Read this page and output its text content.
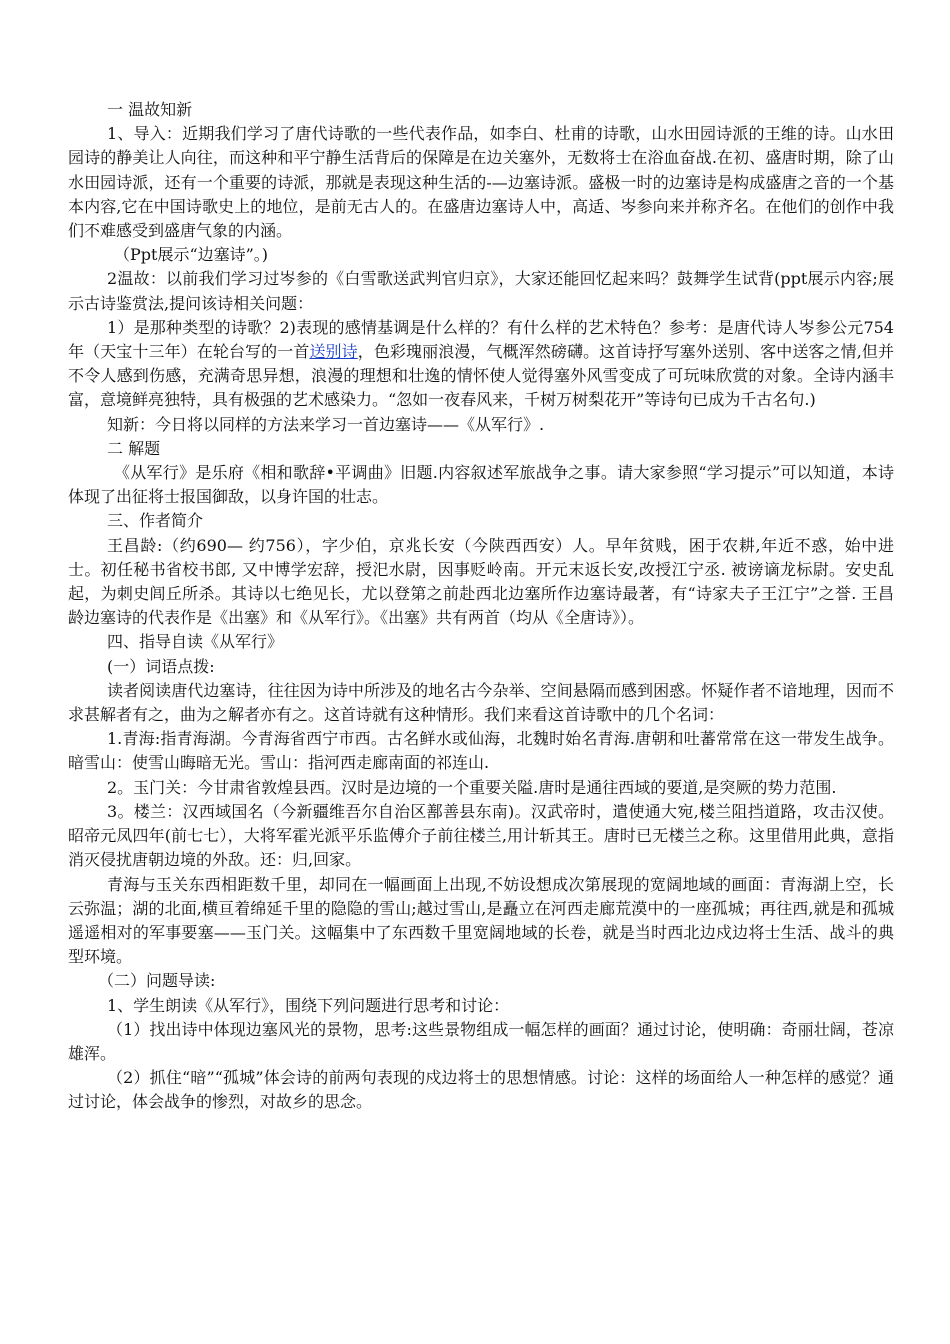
一 温故知新

1、导入：近期我们学习了唐代诗歌的一些代表作品，如李白、杜甫的诗歌，山水田园诗派的王维的诗。山水田园诗的静美让人向往，而这种和平宁静生活背后的保障是在边关塞外，无数将士在浴血奋战.在初、盛唐时期，除了山水田园诗派，还有一个重要的诗派，那就是表现这种生活的-—边塞诗派。盛极一时的边塞诗是构成盛唐之音的一个基本内容,它在中国诗歌史上的地位，是前无古人的。在盛唐边塞诗人中，高适、岑参向来并称齐名。在他们的创作中我们不难感受到盛唐气象的内涵。

（Ppt展示“边塞诗”。)

2温故：以前我们学习过岑参的《白雪歌送武判官归京》，大家还能回忆起来吗？鼓舞学生试背(ppt展示内容;展示古诗鉴赏法,提问该诗相关问题：

1）是那种类型的诗歌？2)表现的感情基调是什么样的？有什么样的艺术特色？参考：是唐代诗人岑参公元754年（天宝十三年）在轮台写的一首送别诗，色彩瑰丽浪漫，气概浑然磅礴。这首诗抒写塞外送别、客中送客之情,但并不令人感到伤感，充满奇思异想，浪漫的理想和壮逸的情怀使人觉得塞外风雪变成了可玩味欣赏的对象。全诗内涵丰富，意境鲜亮独特，具有极强的艺术感染力。“忽如一夜春风来，千树万树梨花开”等诗句已成为千古名句.)

知新：今日将以同样的方法来学习一首边塞诗——《从军行》.

二 解题

《从军行》是乐府《相和歌辞•平调曲》旧题.内容叙述军旅战争之事。请大家参照“学习提示”可以知道，本诗体现了出征将士报国御敌，以身许国的壮志。

三、作者简介

王昌龄:（约690— 约756），字少伯，京兆长安（今陕西西安）人。早年贫贱，困于农耕,年近不惑，始中进士。初任秘书省校书郎, 又中博学宏辞，授汜水尉，因事贬岭南。开元末返长安,改授江宁丞. 被谤谪龙标尉。安史乱起，为刺史闾丘所杀。其诗以七绝见长，尤以登第之前赴西北边塞所作边塞诗最著，有“诗家夫子王江宁”之誉. 王昌龄边塞诗的代表作是《出塞》和《从军行》。《出塞》共有两首（均从《全唐诗》）。

四、指导自读《从军行》

(一）词语点拨:

读者阅读唐代边塞诗，往往因为诗中所涉及的地名古今杂举、空间悬隔而感到困惑。怀疑作者不谙地理，因而不求甚解者有之，曲为之解者亦有之。这首诗就有这种情形。我们来看这首诗歌中的几个名词：

1.青海:指青海湖。今青海省西宁市西。古名鲜水或仙海，北魏时始名青海.唐朝和吐蕃常常在这一带发生战争。暗雪山：使雪山晦暗无光。雪山：指河西走廊南面的祁连山.

2。玉门关：今甘肃省敦煌县西。汉时是边境的一个重要关隘.唐时是通往西域的要道,是突厥的势力范围.

3。楼兰：汉西域国名（今新疆维吾尔自治区鄯善县东南)。汉武帝时，遣使通大宛,楼兰阻挡道路，攻击汉使。昭帝元凤四年(前七七），大将军霍光派平乐监傅介子前往楼兰,用计斩其王。唐时已无楼兰之称。这里借用此典，意指消灭侵扰唐朝边境的外敌。还：归,回家。

青海与玉关东西相距数千里，却同在一幅画面上出现,不妨设想成次第展现的宽阔地域的画面：青海湖上空，长云弥温；湖的北面,横亘着绵延千里的隐隐的雪山;越过雪山,是矗立在河西走廊荒漠中的一座孤城；再往西,就是和孤城遥遥相对的军事要塞——玉门关。这幅集中了东西数千里宽阔地域的长卷，就是当时西北边戍边将士生活、战斗的典型环境。

（二）问题导读:

1、学生朗读《从军行》，围绕下列问题进行思考和讨论：

（1）找出诗中体现边塞风光的景物，思考:这些景物组成一幅怎样的画面？通过讨论，使明确：奇丽壮阔，苍凉雄浑。

（2）抓住“暗”“孤城”体会诗的前两句表现的戍边将士的思想情感。讨论：这样的场面给人一种怎样的感觉？通过讨论，体会战争的惨烈，对故乡的思念。
